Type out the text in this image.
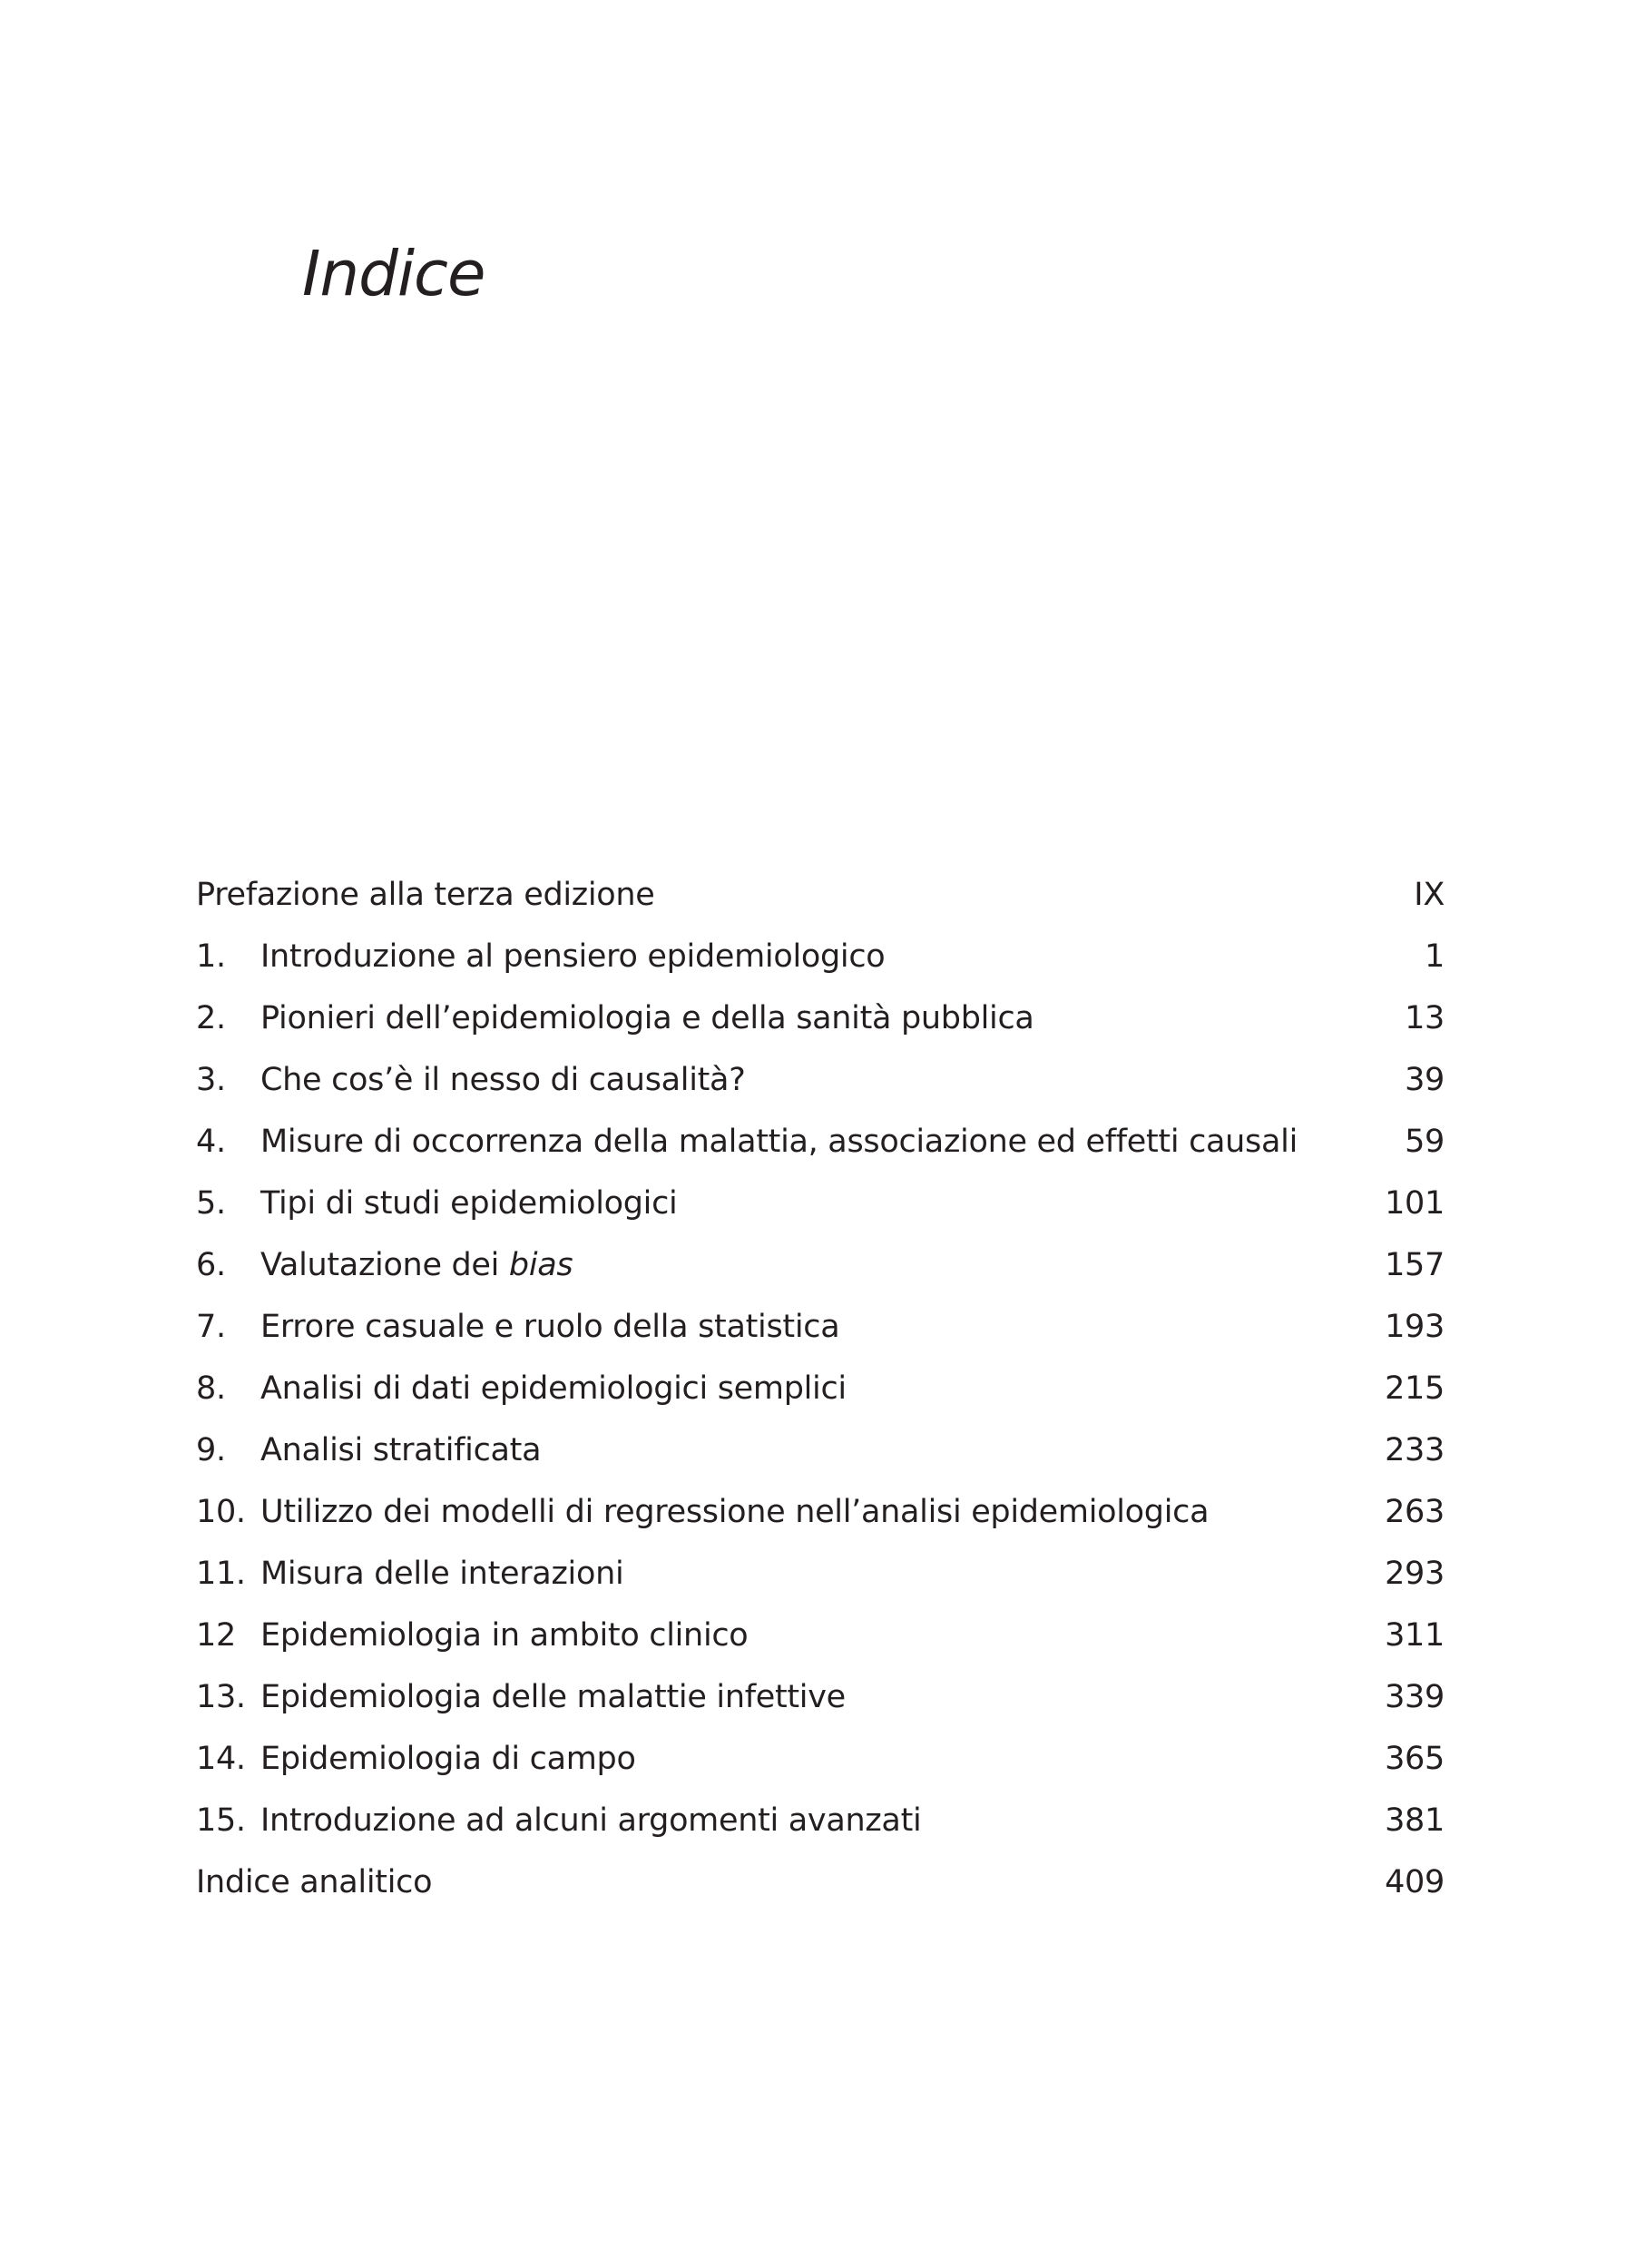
Indice
Prefazione alla terza edizione	IX
1.	Introduzione al pensiero epidemiologico	1
2.	Pionieri dell’epidemiologia e della sanità pubblica	13
3.	Che cos’è il nesso di causalità?	39
4.	Misure di occorrenza della malattia, associazione ed effetti causali	59
5.	Tipi di studi epidemiologici	101
6.	Valutazione dei bias	157
7.	Errore casuale e ruolo della statistica	193
8.	Analisi di dati epidemiologici semplici	215
9.	Analisi stratificata	233
10. Utilizzo dei modelli di regressione nell’analisi epidemiologica	263
11. Misura delle interazioni	293
12 Epidemiologia in ambito clinico	311
13. Epidemiologia delle malattie infettive	339
14. Epidemiologia di campo	365
15. Introduzione ad alcuni argomenti avanzati	381
Indice analitico	409
